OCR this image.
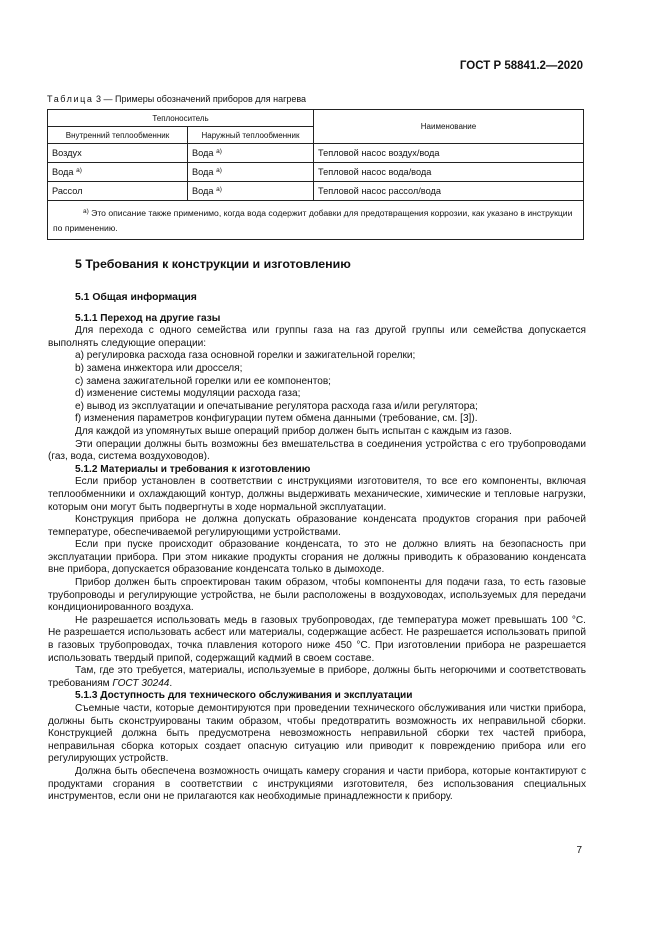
ГОСТ Р 58841.2—2020
Таблица 3 — Примеры обозначений приборов для нагрева
Теплоноситель		Наименование
Внутренний теплообменник	Наружный теплообменник	
Воздух	Вода $^{a)}$	Тепловой насос воздух/вода
Вода $^{a)}$	Вода $^{a)}$	Тепловой насос вода/вода
Рассол	Вода $^{a)}$	Тепловой насос рассол/вода
$^{a)}$ Это описание также применимо, когда вода содержит добавки для предотвращения коррозии, как указано в инструкции по применению.		
5 Требования к конструкции и изготовлению
5.1 Общая информация
5.1.1 Переход на другие газы

Для перехода с одного семейства или группы газа на газ другой группы или семейства допускается выполнять следующие операции:

a) регулировка расхода газа основной горелки и зажигательной горелки;

b) замена инжектора или дросселя;

c) замена зажигательной горелки или ее компонентов;

d) изменение системы модуляции расхода газа;

e) вывод из эксплуатации и опечатывание регулятора расхода газа и/или регулятора;

f) изменения параметров конфигурации путем обмена данными (требование, см. [3]).

Для каждой из упомянутых выше операций прибор должен быть испытан с каждым из газов.

Эти операции должны быть возможны без вмешательства в соединения устройства с его трубопроводами (газ, вода, система воздуховодов).

5.1.2 Материалы и требования к изготовлению

Если прибор установлен в соответствии с инструкциями изготовителя, то все его компоненты, включая теплообменники и охлаждающий контур, должны выдерживать механические, химические и тепловые нагрузки, которым они могут быть подвергнуты в ходе нормальной эксплуатации.

Конструкция прибора не должна допускать образование конденсата продуктов сгорания при рабочей температуре, обеспечиваемой регулирующими устройствами.

Если при пуске происходит образование конденсата, то это не должно влиять на безопасность при эксплуатации прибора. При этом никакие продукты сгорания не должны приводить к образованию конденсата вне прибора, допускается образование конденсата только в дымоходе.

Прибор должен быть спроектирован таким образом, чтобы компоненты для подачи газа, то есть газовые трубопроводы и регулирующие устройства, не были расположены в воздуховодах, используемых для передачи кондиционированного воздуха.

Не разрешается использовать медь в газовых трубопроводах, где температура может превышать 100 °С. Не разрешается использовать асбест или материалы, содержащие асбест. Не разрешается использовать припой в газовых трубопроводах, точка плавления которого ниже 450 °С. При изготовлении прибора не разрешается использовать твердый припой, содержащий кадмий в своем составе.

Там, где это требуется, материалы, используемые в приборе, должны быть негорючими и соответствовать требованиям ГОСТ 30244.

5.1.3 Доступность для технического обслуживания и эксплуатации

Съемные части, которые демонтируются при проведении технического обслуживания или чистки прибора, должны быть сконструированы таким образом, чтобы предотвратить возможность их неправильной сборки. Конструкцией должна быть предусмотрена невозможность неправильной сборки тех частей прибора, неправильная сборка которых создает опасную ситуацию или приводит к повреждению прибора или его регулирующих устройств.

Должна быть обеспечена возможность очищать камеру сгорания и части прибора, которые контактируют с продуктами сгорания в соответствии с инструкциями изготовителя, без использования специальных инструментов, если они не прилагаются как необходимые принадлежности к прибору.

7
